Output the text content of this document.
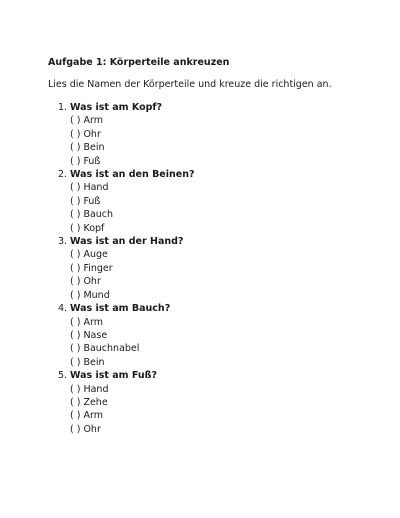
Aufgabe 1: Körperteile ankreuzen

Lies die Namen der Körperteile und kreuze die richtigen an.

1. Was ist am Kopf?
( ) Arm
( ) Ohr
( ) Bein
( ) Fuß
2. Was ist an den Beinen?
( ) Hand
( ) Fuß
( ) Bauch
( ) Kopf
3. Was ist an der Hand?
( ) Auge
( ) Finger
( ) Ohr
( ) Mund
4. Was ist am Bauch?
( ) Arm
( ) Nase
( ) Bauchnabel
( ) Bein
5. Was ist am Fuß?
( ) Hand
( ) Zehe
( ) Arm
( ) Ohr
